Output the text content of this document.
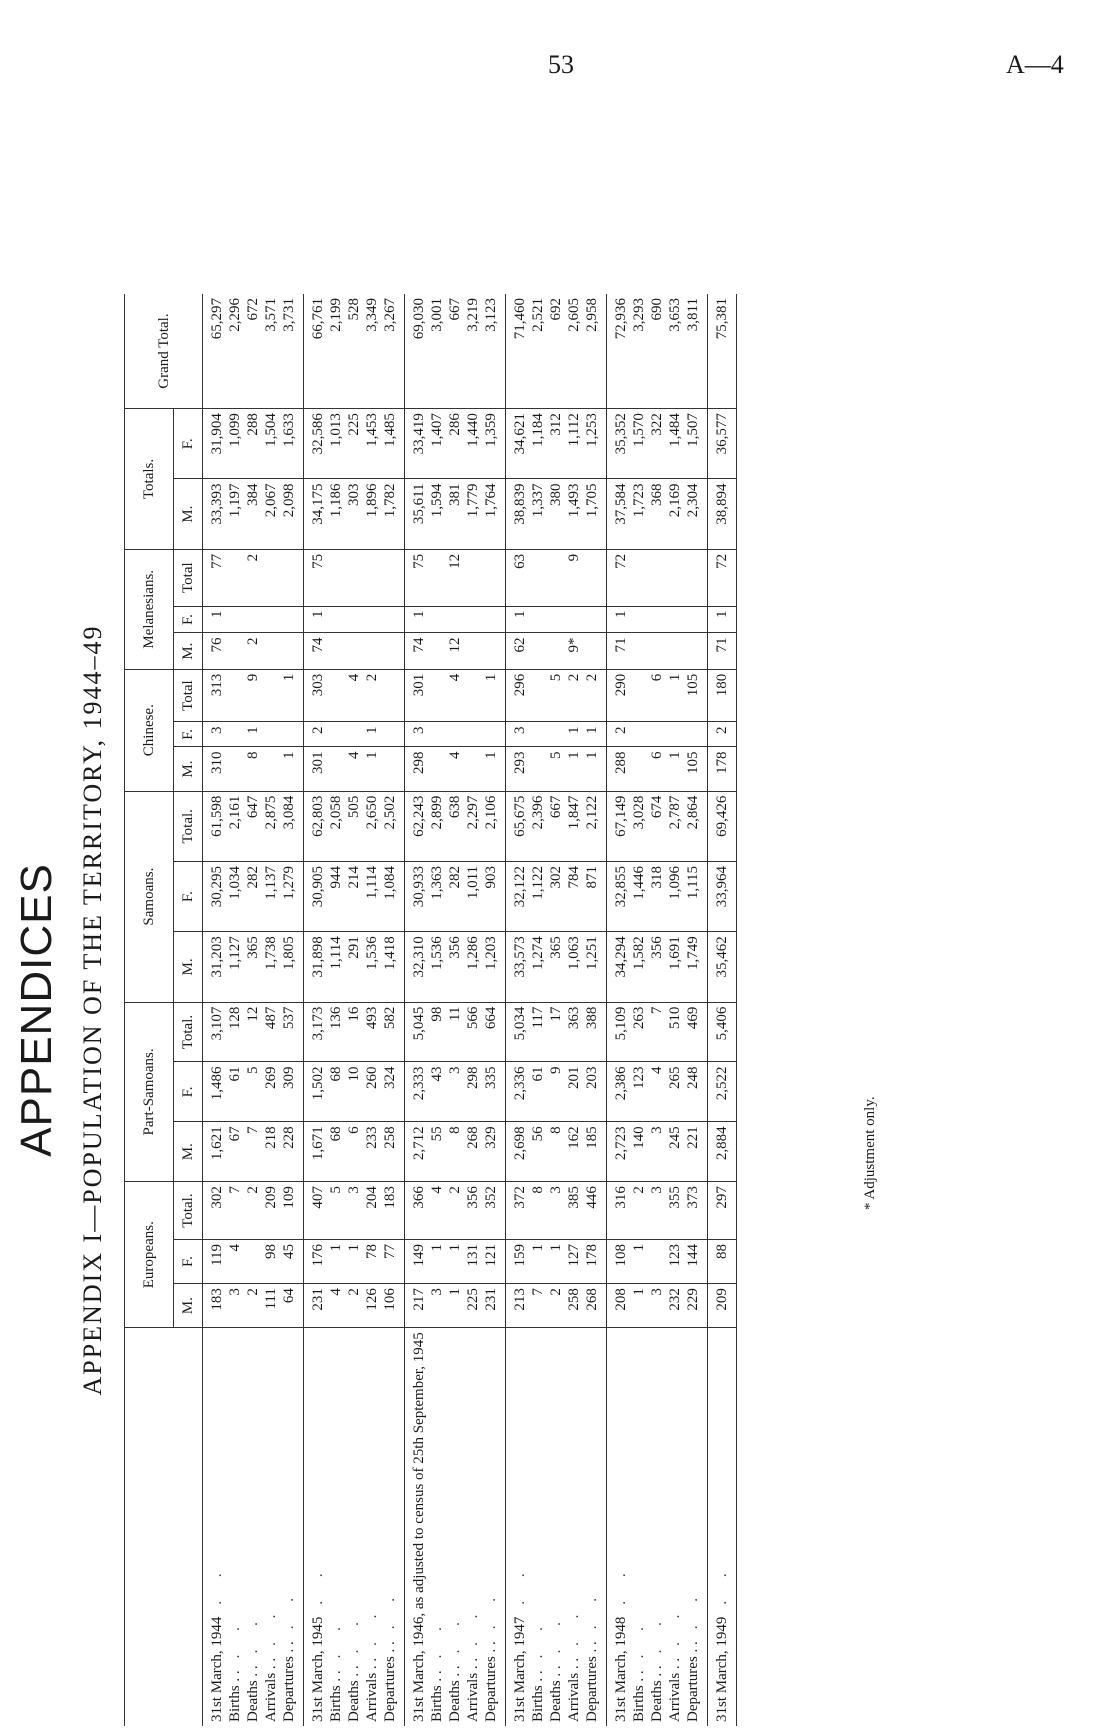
53	A—4
APPENDICES APPENDIX I—POPULATION OF THE TERRITORY, 1944–49
	Europeans.			Part-Samoans.			Samoans.			Chinese.			Melanesians.			Totals.		Grand Total.
	M.	F.	Total.	M.	F.	Total.	M.	F.	Total.	M.	F.	Total	M.	F.	Total	M.	F.	
31st March, 1944. .	183	119	302	1,621	1,486	3,107	31,203	30,295	61,598	310	3	313	76	1	77	33,393	31,904	65,297
Births . .. .	3	4	7	67	61	128	1,127	1,034	2,161							1,197	1,099	2,296
Deaths . .. .	2		2	7	5	12	365	282	647	8	1	9	2		2	384	288	672
Arrivals . .. .	111	98	209	218	269	487	1,738	1,137	2,875							2,067	1,504	3,571
Departures . .. .	64	45	109	228	309	537	1,805	1,279	3,084	1		1				2,098	1,633	3,731
31st March, 1945. .	231	176	407	1,671	1,502	3,173	31,898	30,905	62,803	301	2	303	74	1	75	34,175	32,586	66,761
Births . .. .	4	1	5	68	68	136	1,114	944	2,058							1,186	1,013	2,199
Deaths . .. .	2	1	3	6	10	16	291	214	505	4		4				303	225	528
Arrivals . .. .	126	78	204	233	260	493	1,536	1,114	2,650	1	1	2				1,896	1,453	3,349
Departures . .. .	106	77	183	258	324	582	1,418	1,084	2,502							1,782	1,485	3,267
31st March, 1946, as adjusted to census of 25th September, 1945	217	149	366	2,712	2,333	5,045	32,310	30,933	62,243	298	3	301	74	1	75	35,611	33,419	69,030
Births . .. .	3	1	4	55	43	98	1,536	1,363	2,899							1,594	1,407	3,001
Deaths . .. .	1	1	2	8	3	11	356	282	638	4		4	12		12	381	286	667
Arrivals . .. .	225	131	356	268	298	566	1,286	1,011	2,297							1,779	1,440	3,219
Departures . .. .	231	121	352	329	335	664	1,203	903	2,106	1		1				1,764	1,359	3,123
31st March, 1947. .	213	159	372	2,698	2,336	5,034	33,573	32,122	65,675	293	3	296	62	1	63	38,839	34,621	71,460
Births . .. .	7	1	8	56	61	117	1,274	1,122	2,396							1,337	1,184	2,521
Deaths . .. .	2	1	3	8	9	17	365	302	667	5		5				380	312	692
Arrivals . .. .	258	127	385	162	201	363	1,063	784	1,847	1	1	2	9*		9	1,493	1,112	2,605
Departures . .. .	268	178	446	185	203	388	1,251	871	2,122	1	1	2				1,705	1,253	2,958
31st March, 1948. .	208	108	316	2,723	2,386	5,109	34,294	32,855	67,149	288	2	290	71	1	72	37,584	35,352	72,936
Births . .. .	1	1	2	140	123	263	1,582	1,446	3,028							1,723	1,570	3,293
Deaths . .. .	3		3	3	4	7	356	318	674	6		6				368	322	690
Arrivals . .. .	232	123	355	245	265	510	1,691	1,096	2,787	1		1				2,169	1,484	3,653
Departures . .. .	229	144	373	221	248	469	1,749	1,115	2,864	105		105				2,304	1,507	3,811
31st March, 1949. .	209	88	297	2,884	2,522	5,406	35,462	33,964	69,426	178	2	180	71	1	72	38,894	36,577	75,381
* Adjustment only.
